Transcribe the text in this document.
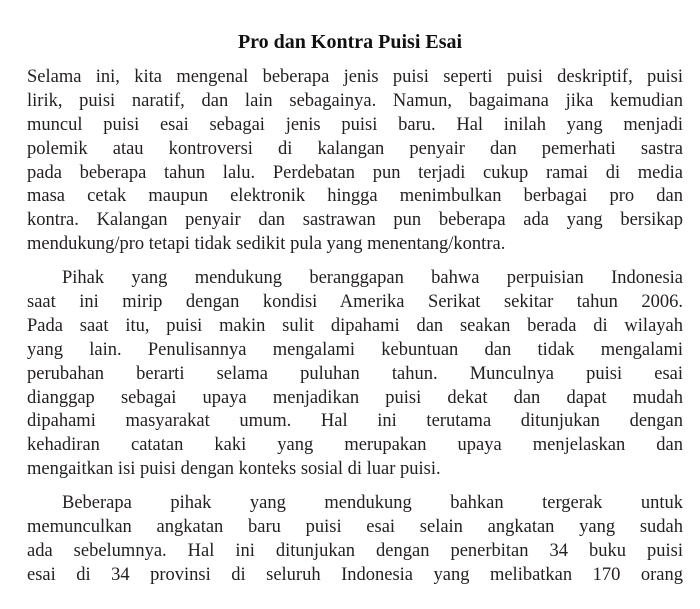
Pro dan Kontra Puisi Esai
Selama ini, kita mengenal beberapa jenis puisi seperti puisi deskriptif, puisi
lirik, puisi naratif, dan lain sebagainya. Namun, bagaimana jika kemudian
muncul puisi esai sebagai jenis puisi baru. Hal inilah yang menjadi
polemik atau kontroversi di kalangan penyair dan pemerhati sastra
pada beberapa tahun lalu. Perdebatan pun terjadi cukup ramai di media
masa cetak maupun elektronik hingga menimbulkan berbagai pro dan
kontra. Kalangan penyair dan sastrawan pun beberapa ada yang bersikap
mendukung/pro tetapi tidak sedikit pula yang menentang/kontra.
Pihak yang mendukung beranggapan bahwa perpuisian Indonesia
saat ini mirip dengan kondisi Amerika Serikat sekitar tahun 2006.
Pada saat itu, puisi makin sulit dipahami dan seakan berada di wilayah
yang lain. Penulisannya mengalami kebuntuan dan tidak mengalami
perubahan berarti selama puluhan tahun. Munculnya puisi esai
dianggap sebagai upaya menjadikan puisi dekat dan dapat mudah
dipahami masyarakat umum. Hal ini terutama ditunjukan dengan
kehadiran catatan kaki yang merupakan upaya menjelaskan dan
mengaitkan isi puisi dengan konteks sosial di luar puisi.
Beberapa pihak yang mendukung bahkan tergerak untuk
memunculkan angkatan baru puisi esai selain angkatan yang sudah
ada sebelumnya. Hal ini ditunjukan dengan penerbitan 34 buku puisi
esai di 34 provinsi di seluruh Indonesia yang melibatkan 170 orang
